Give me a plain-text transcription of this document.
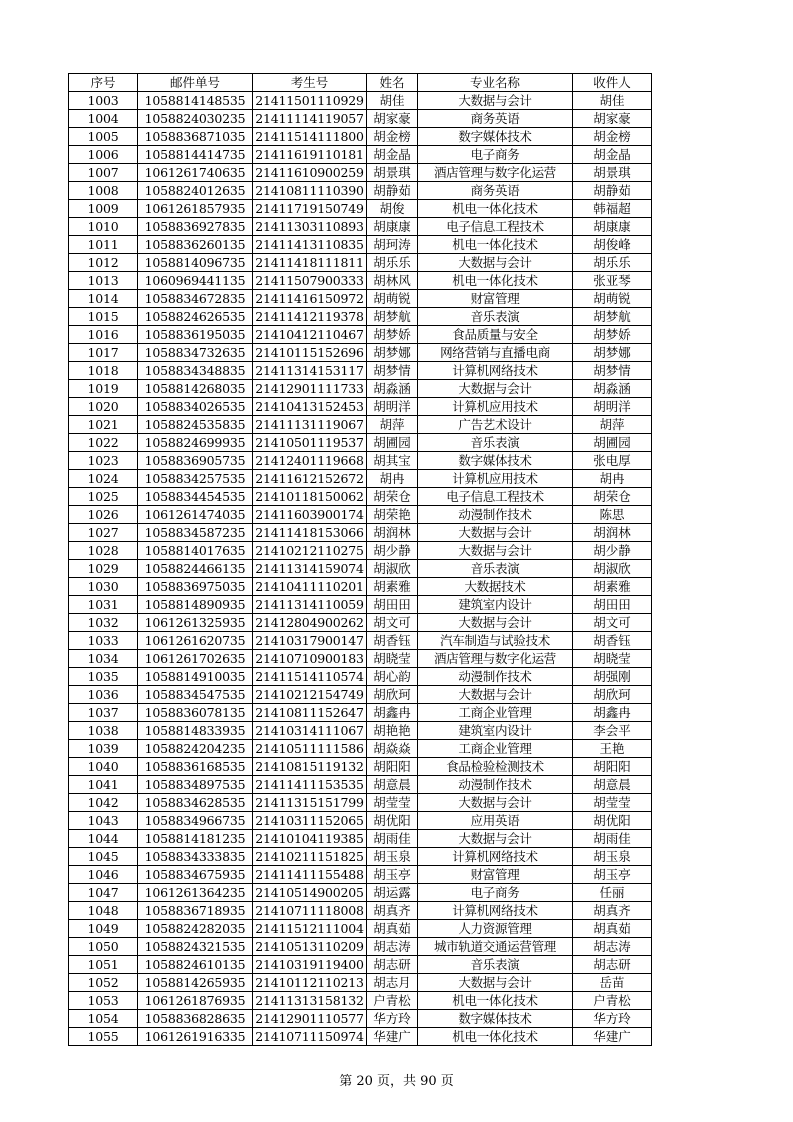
序号	邮件单号	考生号	姓名	专业名称	收件人
1003	1058814148535	21411501110929	胡佳	大数据与会计	胡佳
1004	1058824030235	21411114119057	胡家豪	商务英语	胡家豪
1005	1058836871035	21411514111800	胡金榜	数字媒体技术	胡金榜
1006	1058814414735	21411619110181	胡金晶	电子商务	胡金晶
1007	1061261740635	21411610900259	胡景琪	酒店管理与数字化运营	胡景琪
1008	1058824012635	21410811110390	胡静茹	商务英语	胡静茹
1009	1061261857935	21411719150749	胡俊	机电一体化技术	韩福超
1010	1058836927835	21411303110893	胡康康	电子信息工程技术	胡康康
1011	1058836260135	21411413110835	胡珂涛	机电一体化技术	胡俊峰
1012	1058814096735	21411418111811	胡乐乐	大数据与会计	胡乐乐
1013	1060969441135	21411507900333	胡林风	机电一体化技术	张亚琴
1014	1058834672835	21411416150972	胡萌锐	财富管理	胡萌锐
1015	1058824626535	21411412119378	胡梦航	音乐表演	胡梦航
1016	1058836195035	21410412110467	胡梦娇	食品质量与安全	胡梦娇
1017	1058834732635	21410115152696	胡梦娜	网络营销与直播电商	胡梦娜
1018	1058834348835	21411314153117	胡梦情	计算机网络技术	胡梦情
1019	1058814268035	21412901111733	胡淼涵	大数据与会计	胡淼涵
1020	1058834026535	21410413152453	胡明洋	计算机应用技术	胡明洋
1021	1058824535835	21411131119067	胡萍	广告艺术设计	胡萍
1022	1058824699935	21410501119537	胡圃园	音乐表演	胡圃园
1023	1058836905735	21412401119668	胡其宝	数字媒体技术	张电厚
1024	1058834257535	21411612152672	胡冉	计算机应用技术	胡冉
1025	1058834454535	21410118150062	胡荣仓	电子信息工程技术	胡荣仓
1026	1061261474035	21411603900174	胡荣艳	动漫制作技术	陈思
1027	1058834587235	21411418153066	胡润林	大数据与会计	胡润林
1028	1058814017635	21410212110275	胡少静	大数据与会计	胡少静
1029	1058824466135	21411314159074	胡淑欣	音乐表演	胡淑欣
1030	1058836975035	21410411110201	胡素雅	大数据技术	胡素雅
1031	1058814890935	21411314110059	胡田田	建筑室内设计	胡田田
1032	1061261325935	21412804900262	胡文可	大数据与会计	胡文可
1033	1061261620735	21410317900147	胡香钰	汽车制造与试验技术	胡香钰
1034	1061261702635	21410710900183	胡晓莹	酒店管理与数字化运营	胡晓莹
1035	1058814910035	21411514110574	胡心韵	动漫制作技术	胡强刚
1036	1058834547535	21410212154749	胡欣珂	大数据与会计	胡欣珂
1037	1058836078135	21410811152647	胡鑫冉	工商企业管理	胡鑫冉
1038	1058814833935	21410314111067	胡艳艳	建筑室内设计	李会平
1039	1058824204235	21410511111586	胡焱焱	工商企业管理	王艳
1040	1058836168535	21410815119132	胡阳阳	食品检验检测技术	胡阳阳
1041	1058834897535	21411411153535	胡意晨	动漫制作技术	胡意晨
1042	1058834628535	21411315151799	胡莹莹	大数据与会计	胡莹莹
1043	1058834966735	21410311152065	胡优阳	应用英语	胡优阳
1044	1058814181235	21410104119385	胡雨佳	大数据与会计	胡雨佳
1045	1058834333835	21410211151825	胡玉泉	计算机网络技术	胡玉泉
1046	1058834675935	21411411155488	胡玉亭	财富管理	胡玉亭
1047	1061261364235	21410514900205	胡运露	电子商务	任丽
1048	1058836718935	21410711118008	胡真齐	计算机网络技术	胡真齐
1049	1058824282035	21411512111004	胡真茹	人力资源管理	胡真茹
1050	1058824321535	21410513110209	胡志涛	城市轨道交通运营管理	胡志涛
1051	1058824610135	21410319119400	胡志研	音乐表演	胡志研
1052	1058814265935	21410112110213	胡志月	大数据与会计	岳苗
1053	1061261876935	21411313158132	户青松	机电一体化技术	户青松
1054	1058836828635	21412901110577	华方玲	数字媒体技术	华方玲
1055	1061261916335	21410711150974	华建广	机电一体化技术	华建广
第 20 页，共 90 页
